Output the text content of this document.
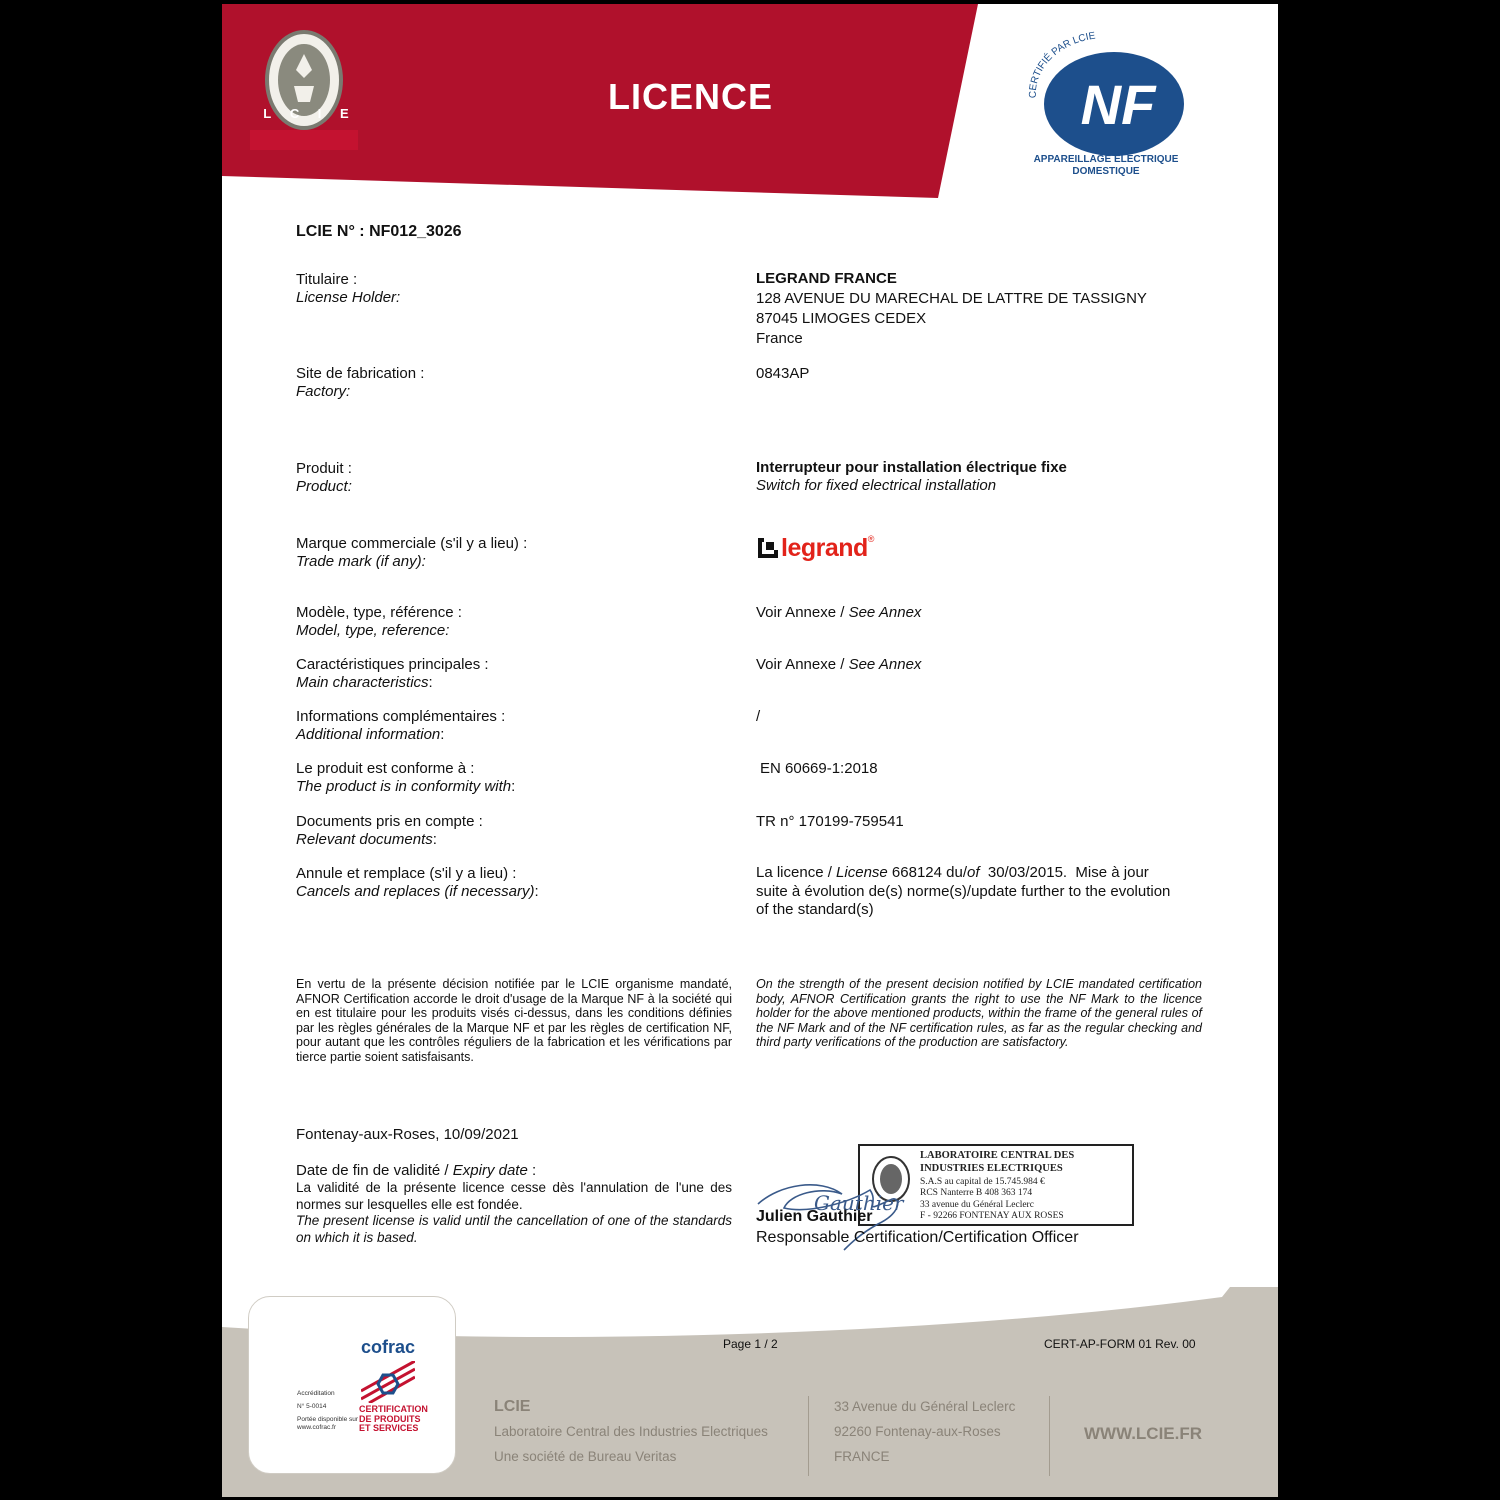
L C I E	LICENCE	NF
CERTIFIÉ PAR LCIE
APPAREILLAGE ELECTRIQUE
DOMESTIQUE
LCIE N° : NF012_3026
Titulaire :
License Holder:
LEGRAND FRANCE
128 AVENUE DU MARECHAL DE LATTRE DE TASSIGNY
87045 LIMOGES CEDEX
France
Site de fabrication :
Factory:
0843AP
Produit :
Product:
Interrupteur pour installation électrique fixe
Switch for fixed electrical installation
Marque commerciale (s'il y a lieu) :
Trade mark (if any):	legrand ®
Modèle, type, référence :
Model, type, reference:
Voir Annexe / See Annex
Caractéristiques principales :
Main characteristics:
Voir Annexe / See Annex
Informations complémentaires :
Additional information:
/
Le produit est conforme à :
The product is in conformity with:
EN 60669-1:2018
Documents pris en compte :
Relevant documents:
TR n° 170199-759541
Annule et remplace (s'il y a lieu) :
Cancels and replaces (if necessary):
La licence / License 668124 du/of  30/03/2015.  Mise à jour
suite à évolution de(s) norme(s)/update further to the evolution
of the standard(s)
En vertu de la présente décision notifiée par le LCIE organisme mandaté, AFNOR Certification accorde le droit d'usage de la Marque NF à la société qui en est titulaire pour les produits visés ci-dessus, dans les conditions définies par les règles générales de la Marque NF et par les règles de certification NF, pour autant que les contrôles réguliers de la fabrication et les vérifications par tierce partie soient satisfaisants.
On the strength of the present decision notified by LCIE mandated certification body, AFNOR Certification grants the right to use the NF Mark to the licence holder for the above mentioned products, within the frame of the general rules of the NF Mark and of the NF certification rules, as far as the regular checking and third party verifications of the production are satisfactory.
Fontenay-aux-Roses, 10/09/2021
Date de fin de validité / Expiry date :
La validité de la présente licence cesse dès l'annulation de l'une des normes sur lesquelles elle est fondée.
The present license is valid until the cancellation of one of the standards on which it is based.
LABORATOIRE CENTRAL DES
INDUSTRIES ELECTRIQUES
S.A.S au capital de 15.745.984 €
RCS Nanterre B 408 363 174
33 avenue du Général Leclerc
F - 92266 FONTENAY AUX ROSES
Gauthier
Julien Gauthier
Responsable Certification/Certification Officer
Page 1 / 2	CERT-AP-FORM 01 Rev. 00
cofrac
CERTIFICATION
DE PRODUITS
ET SERVICES
Accréditation
N° 5-0014
Portée disponible sur
www.cofrac.fr
LCIE
Laboratoire Central des Industries Electriques
Une société de Bureau Veritas
33 Avenue du Général Leclerc
92260 Fontenay-aux-Roses
FRANCE
WWW.LCIE.FR
